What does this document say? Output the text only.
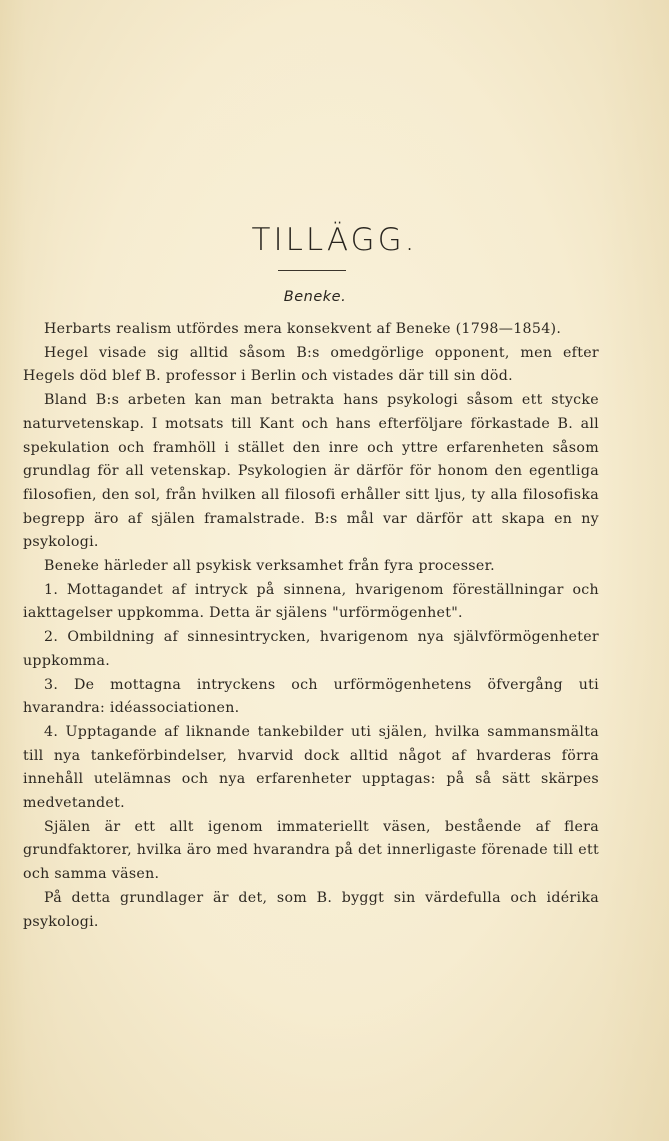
TILLÄGG.
Beneke.

Herbarts realism utfördes mera konsekvent af Beneke (1798—1854).

Hegel visade sig alltid såsom B:s omedgörlige opponent, men efter Hegels död blef B. professor i Berlin och vistades där till sin död.

Bland B:s arbeten kan man betrakta hans psykologi såsom ett stycke naturvetenskap. I motsats till Kant och hans efterföljare förkastade B. all spekulation och framhöll i stället den inre och yttre erfarenheten såsom grundlag för all vetenskap. Psykologien är därför för honom den egentliga filosofien, den sol, från hvilken all filosofi erhåller sitt ljus, ty alla filosofiska begrepp äro af själen framalstrade. B:s mål var därför att skapa en ny psykologi.

Beneke härleder all psykisk verksamhet från fyra processer.

1. Mottagandet af intryck på sinnena, hvarigenom föreställningar och iakttagelser uppkomma. Detta är själens "urförmögenhet".

2. Ombildning af sinnesintrycken, hvarigenom nya självförmögenheter uppkomma.

3. De mottagna intryckens och urförmögenhetens öfvergång uti hvarandra: idéassociationen.

4. Upptagande af liknande tankebilder uti själen, hvilka sammansmälta till nya tankeförbindelser, hvarvid dock alltid något af hvarderas förra innehåll utelämnas och nya erfarenheter upptagas: på så sätt skärpes medvetandet.

Själen är ett allt igenom immateriellt väsen, bestående af flera grundfaktorer, hvilka äro med hvarandra på det innerligaste förenade till ett och samma väsen.

På detta grundlager är det, som B. byggt sin värdefulla och idérika psykologi.
